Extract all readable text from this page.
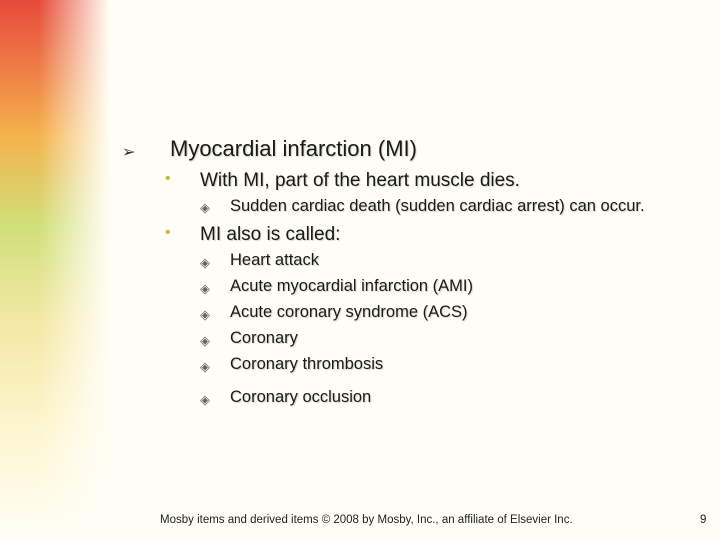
➢ Myocardial infarction (MI)
• With MI, part of the heart muscle dies.
◈ Sudden cardiac death (sudden cardiac arrest) can occur.
• MI also is called:
◈ Heart attack
◈ Acute myocardial infarction (AMI)
◈ Acute coronary syndrome (ACS)
◈ Coronary
◈ Coronary thrombosis
◈ Coronary occlusion
Mosby items and derived items © 2008 by Mosby, Inc., an affiliate of Elsevier Inc.	9
